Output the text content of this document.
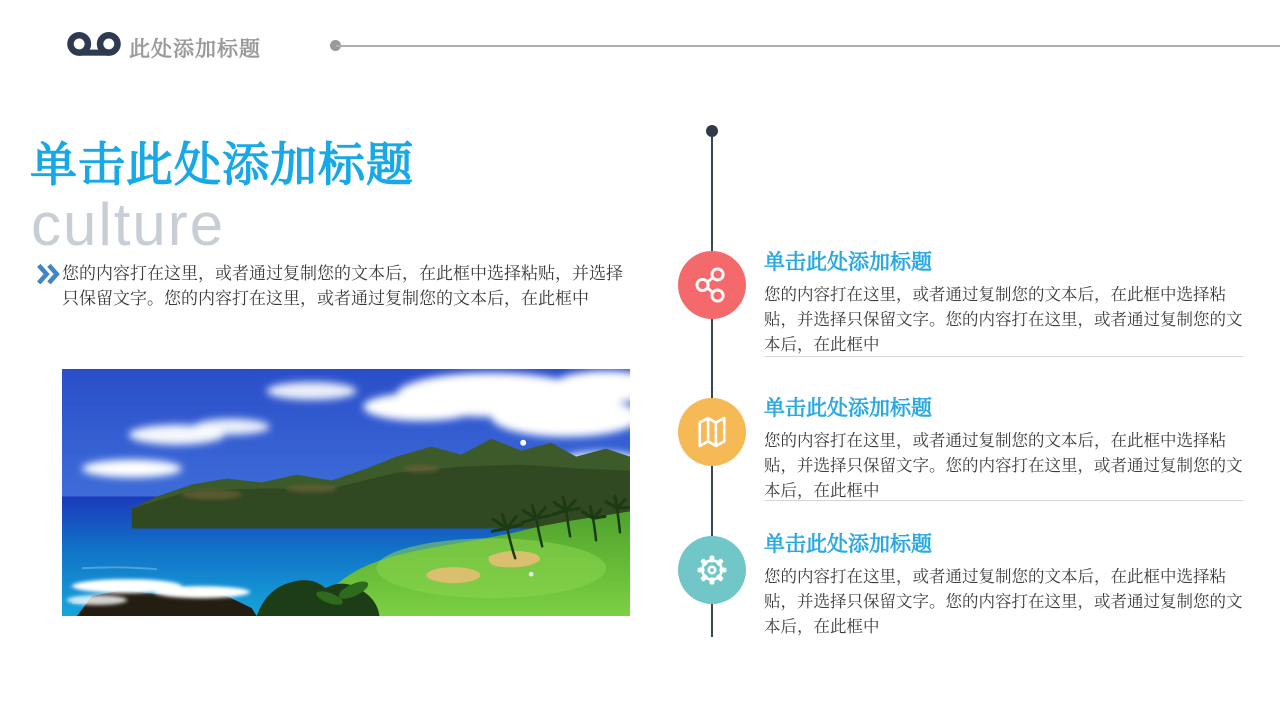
此处添加标题
单击此处添加标题
culture
您的内容打在这里，或者通过复制您的文本后，在此框中选择粘贴，并选择只保留文字。您的内容打在这里，或者通过复制您的文本后，在此框中
单击此处添加标题
您的内容打在这里，或者通过复制您的文本后，在此框中选择粘贴，并选择只保留文字。您的内容打在这里，或者通过复制您的文本后，在此框中
单击此处添加标题
您的内容打在这里，或者通过复制您的文本后，在此框中选择粘贴，并选择只保留文字。您的内容打在这里，或者通过复制您的文本后，在此框中
单击此处添加标题
您的内容打在这里，或者通过复制您的文本后，在此框中选择粘贴，并选择只保留文字。您的内容打在这里，或者通过复制您的文本后，在此框中
